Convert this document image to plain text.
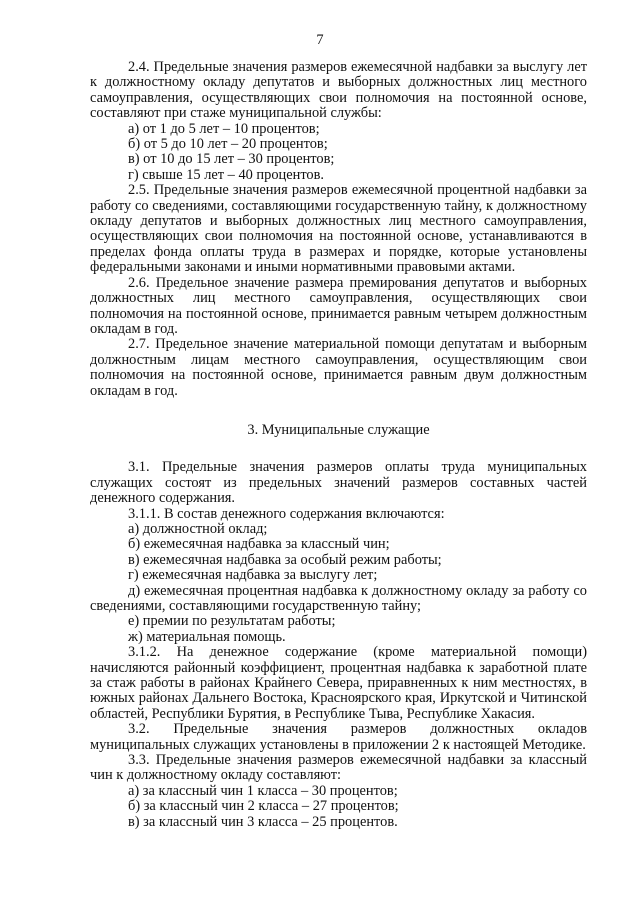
7

2.4. Предельные значения размеров ежемесячной надбавки за выслугу лет к должностному окладу депутатов и выборных должностных лиц местного самоуправления, осуществляющих свои полномочия на постоянной основе, составляют при стаже муниципальной службы:

а) от 1 до 5 лет – 10 процентов;

б) от 5 до 10 лет – 20 процентов;

в) от 10 до 15 лет – 30 процентов;

г) свыше 15 лет – 40 процентов.

2.5. Предельные значения размеров ежемесячной процентной надбавки за работу со сведениями, составляющими государственную тайну, к должностному окладу депутатов и выборных должностных лиц местного самоуправления, осуществляющих свои полномочия на постоянной основе, устанавливаются в пределах фонда оплаты труда в размерах и порядке, которые установлены федеральными законами и иными нормативными правовыми актами.

2.6. Предельное значение размера премирования депутатов и выборных должностных лиц местного самоуправления, осуществляющих свои полномочия на постоянной основе, принимается равным четырем должностным окладам в год.

2.7. Предельное значение материальной помощи депутатам и выборным должностным лицам местного самоуправления, осуществляющим свои полномочия на постоянной основе, принимается равным двум должностным окладам в год.

3. Муниципальные служащие

3.1. Предельные значения размеров оплаты труда муниципальных служащих состоят из предельных значений размеров составных частей денежного содержания.

3.1.1. В состав денежного содержания включаются:

а) должностной оклад;

б) ежемесячная надбавка за классный чин;

в) ежемесячная надбавка за особый режим работы;

г) ежемесячная надбавка за выслугу лет;

д) ежемесячная процентная надбавка к должностному окладу за работу со сведениями, составляющими государственную тайну;

е) премии по результатам работы;

ж) материальная помощь.

3.1.2. На денежное содержание (кроме материальной помощи) начисляются районный коэффициент, процентная надбавка к заработной плате за стаж работы в районах Крайнего Севера, приравненных к ним местностях, в южных районах Дальнего Востока, Красноярского края, Иркутской и Читинской областей, Республики Бурятия, в Республике Тыва, Республике Хакасия.

3.2. Предельные значения размеров должностных окладов муниципальных служащих установлены в приложении 2 к настоящей Методике.

3.3. Предельные значения размеров ежемесячной надбавки за классный чин к должностному окладу составляют:

а) за классный чин 1 класса – 30 процентов;

б) за классный чин 2 класса – 27 процентов;

в) за классный чин 3 класса – 25 процентов.
